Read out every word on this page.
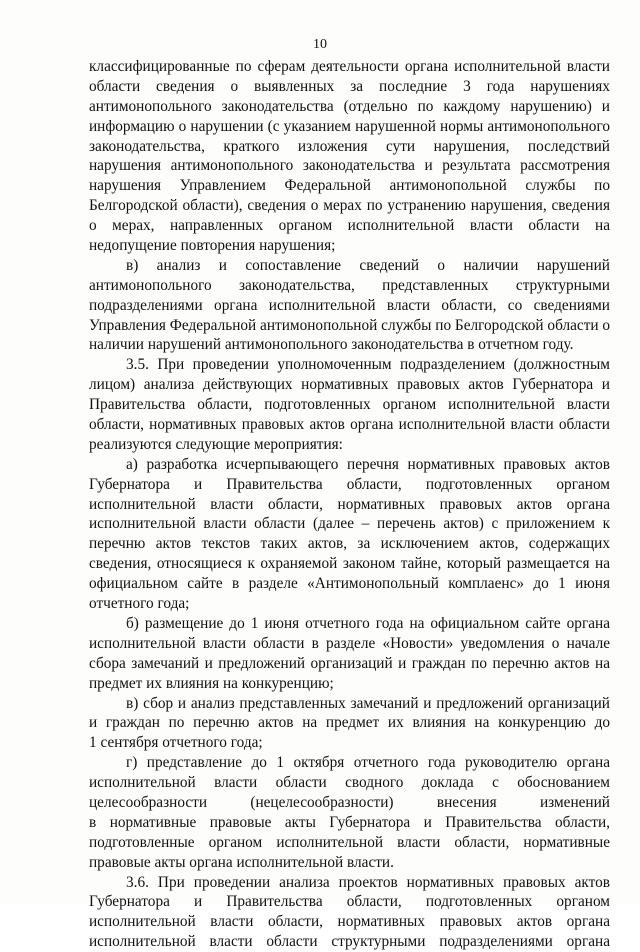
10
классифицированные по сферам деятельности органа исполнительной власти
области сведения о выявленных за последние 3 года нарушениях
антимонопольного законодательства (отдельно по каждому нарушению) и
информацию о нарушении (с указанием нарушенной нормы антимонопольного
законодательства, краткого изложения сути нарушения, последствий
нарушения антимонопольного законодательства и результата рассмотрения
нарушения Управлением Федеральной антимонопольной службы по
Белгородской области), сведения о мерах по устранению нарушения, сведения
о мерах, направленных органом исполнительной власти области на
недопущение повторения нарушения;
в) анализ и сопоставление сведений о наличии нарушений
антимонопольного законодательства, представленных структурными
подразделениями органа исполнительной власти области, со сведениями
Управления Федеральной антимонопольной службы по Белгородской области о
наличии нарушений антимонопольного законодательства в отчетном году.
3.5. При проведении уполномоченным подразделением (должностным
лицом) анализа действующих нормативных правовых актов Губернатора и
Правительства области, подготовленных органом исполнительной власти
области, нормативных правовых актов органа исполнительной власти области
реализуются следующие мероприятия:
а) разработка исчерпывающего перечня нормативных правовых актов
Губернатора и Правительства области, подготовленных органом
исполнительной власти области, нормативных правовых актов органа
исполнительной власти области (далее – перечень актов) с приложением к
перечню актов текстов таких актов, за исключением актов, содержащих
сведения, относящиеся к охраняемой законом тайне, который размещается на
официальном сайте в разделе «Антимонопольный комплаенс» до 1 июня
отчетного года;
б) размещение до 1 июня отчетного года на официальном сайте органа
исполнительной власти области в разделе «Новости» уведомления о начале
сбора замечаний и предложений организаций и граждан по перечню актов на
предмет их влияния на конкуренцию;
в) сбор и анализ представленных замечаний и предложений организаций
и граждан по перечню актов на предмет их влияния на конкуренцию до
1 сентября отчетного года;
г) представление до 1 октября отчетного года руководителю органа
исполнительной власти области сводного доклада с обоснованием
целесообразности (нецелесообразности) внесения изменений
в нормативные правовые акты Губернатора и Правительства области,
подготовленные органом исполнительной власти области, нормативные
правовые акты органа исполнительной власти.
3.6. При проведении анализа проектов нормативных правовых актов
Губернатора и Правительства области, подготовленных органом
исполнительной власти области, нормативных правовых актов органа
исполнительной власти области структурными подразделениями органа
